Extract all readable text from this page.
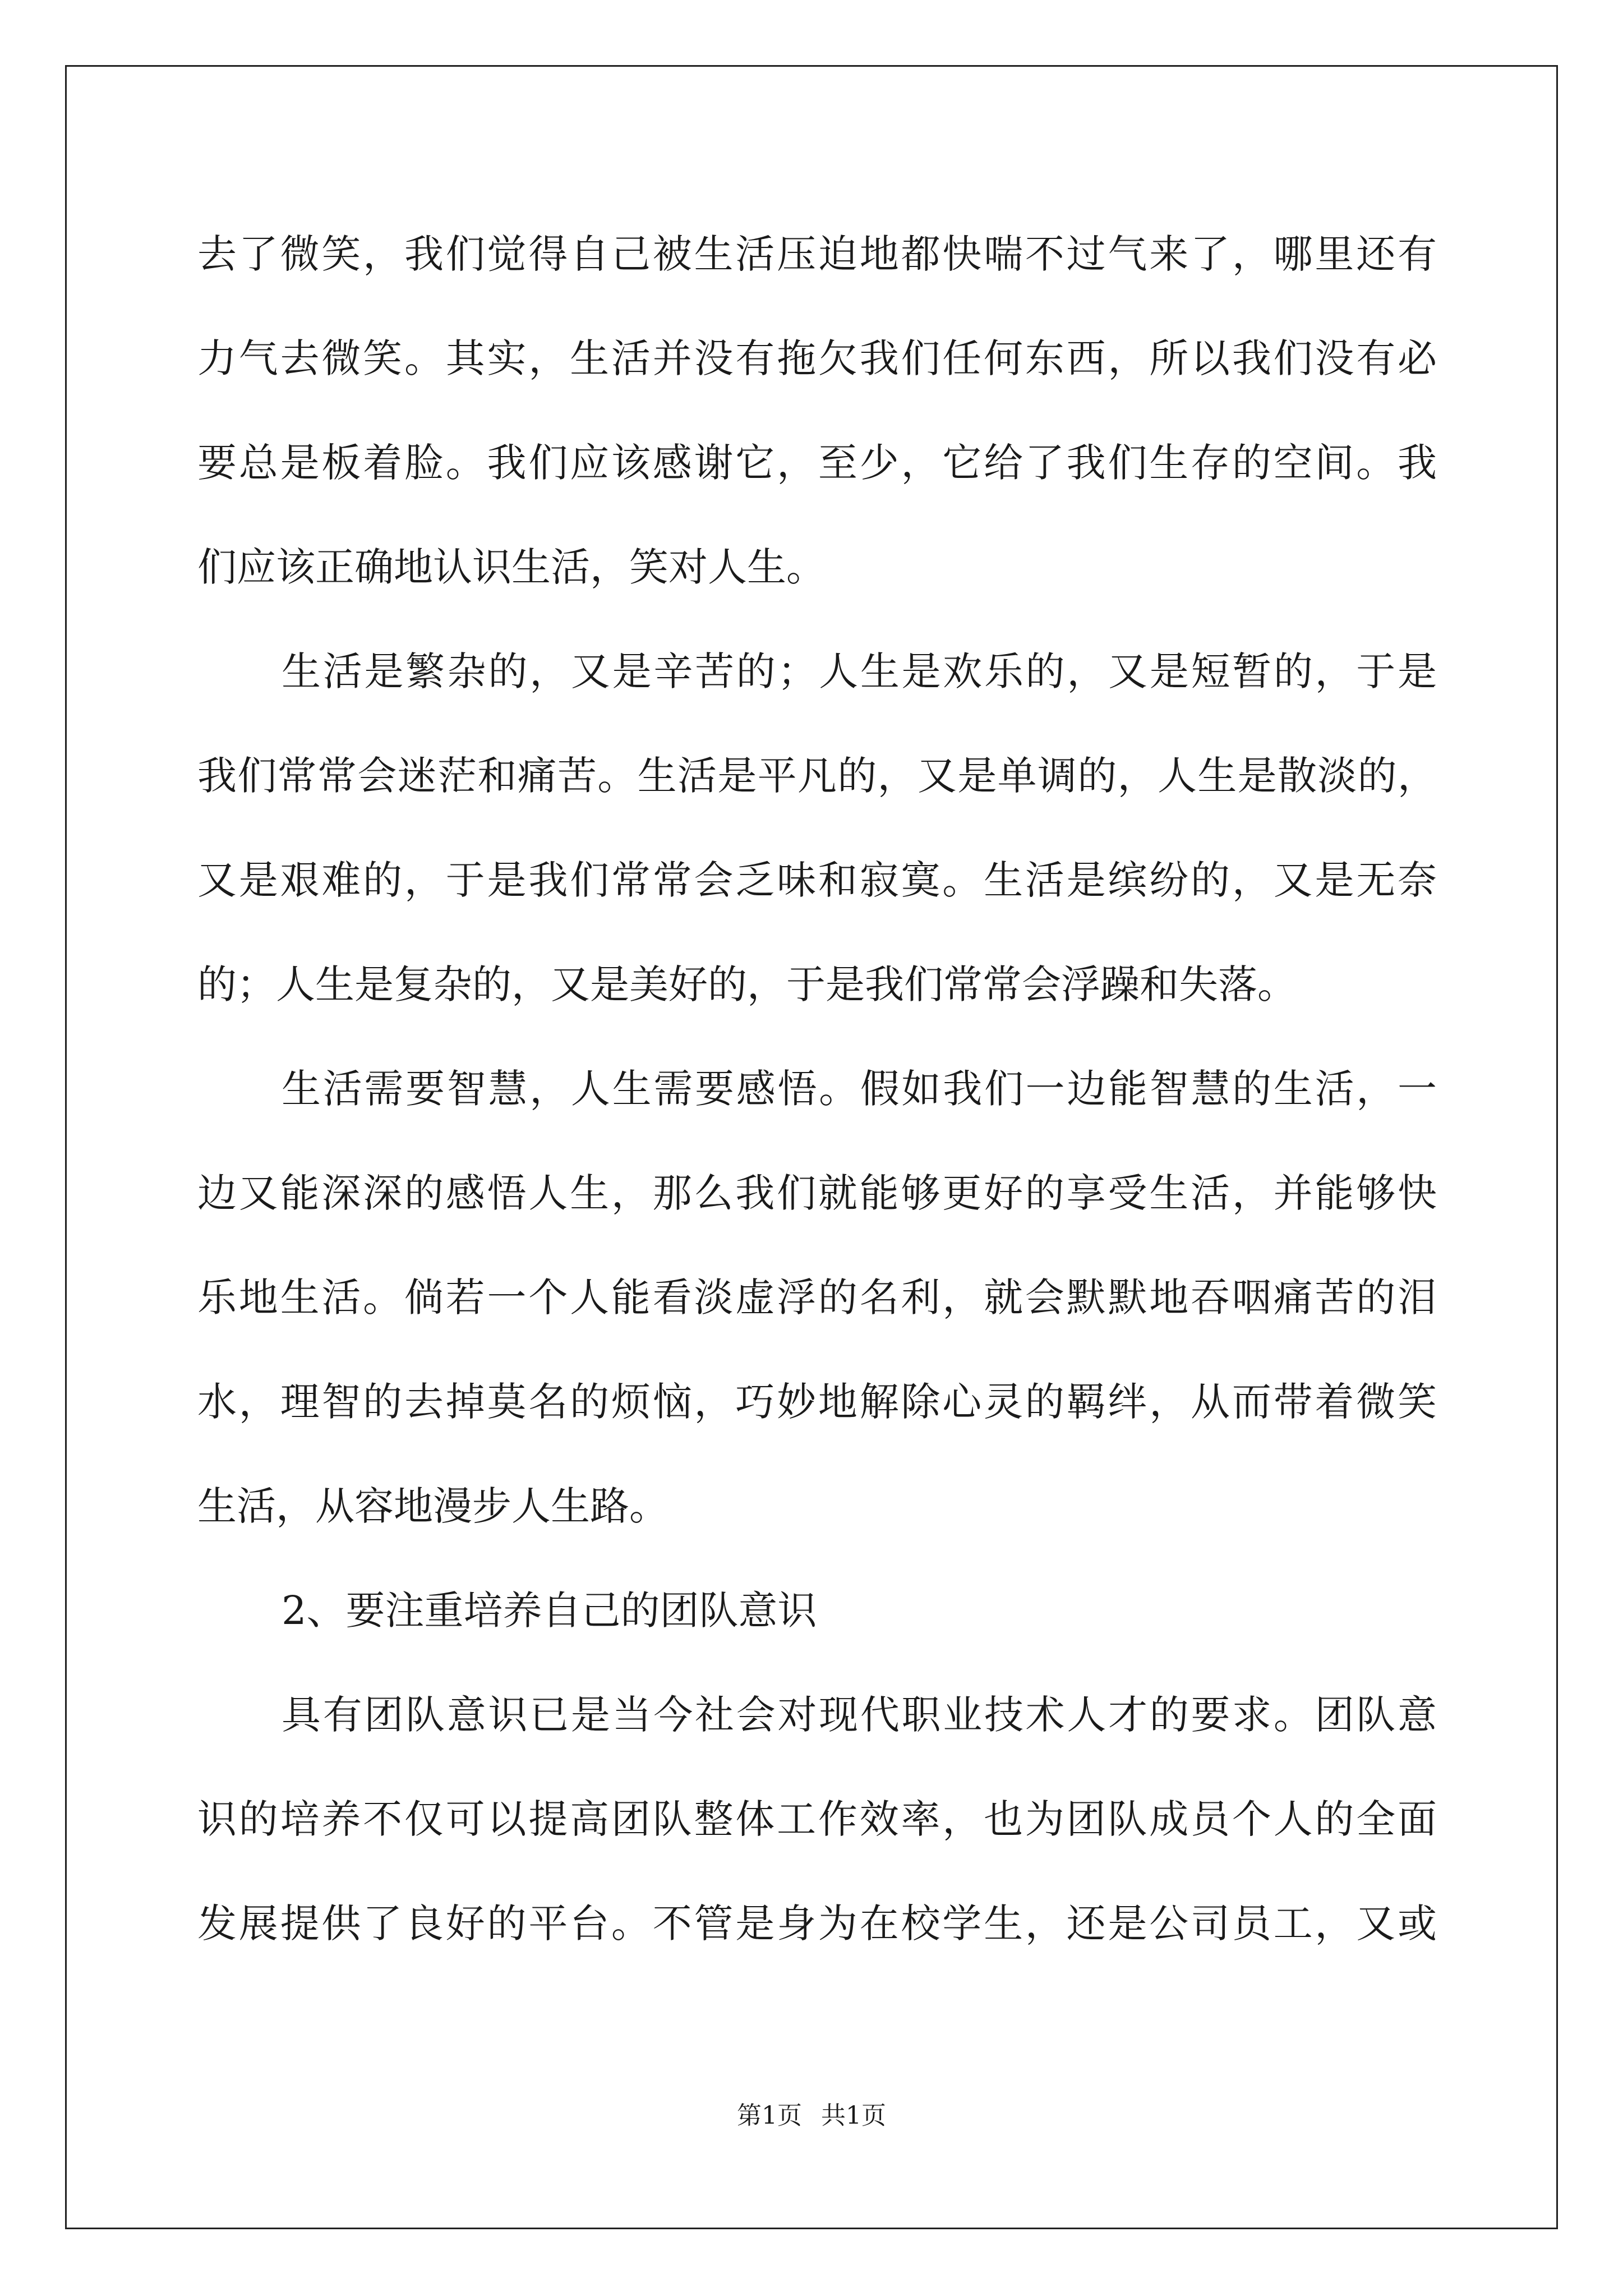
去了微笑，我们觉得自己被生活压迫地都快喘不过气来了，哪里还有
力气去微笑。其实，生活并没有拖欠我们任何东西，所以我们没有必
要总是板着脸。我们应该感谢它，至少，它给了我们生存的空间。我
们应该正确地认识生活，笑对人生。
生活是繁杂的，又是辛苦的；人生是欢乐的，又是短暂的，于是
我们常常会迷茫和痛苦。生活是平凡的，又是单调的，人生是散淡的，
又是艰难的，于是我们常常会乏味和寂寞。生活是缤纷的，又是无奈
的；人生是复杂的，又是美好的，于是我们常常会浮躁和失落。
生活需要智慧，人生需要感悟。假如我们一边能智慧的生活，一
边又能深深的感悟人生，那么我们就能够更好的享受生活，并能够快
乐地生活。倘若一个人能看淡虚浮的名利，就会默默地吞咽痛苦的泪
水，理智的去掉莫名的烦恼，巧妙地解除心灵的羁绊，从而带着微笑
生活，从容地漫步人生路。
2、要注重培养自己的团队意识
具有团队意识已是当今社会对现代职业技术人才的要求。团队意
识的培养不仅可以提高团队整体工作效率，也为团队成员个人的全面
发展提供了良好的平台。不管是身为在校学生，还是公司员工，又或
第1页 共1页
